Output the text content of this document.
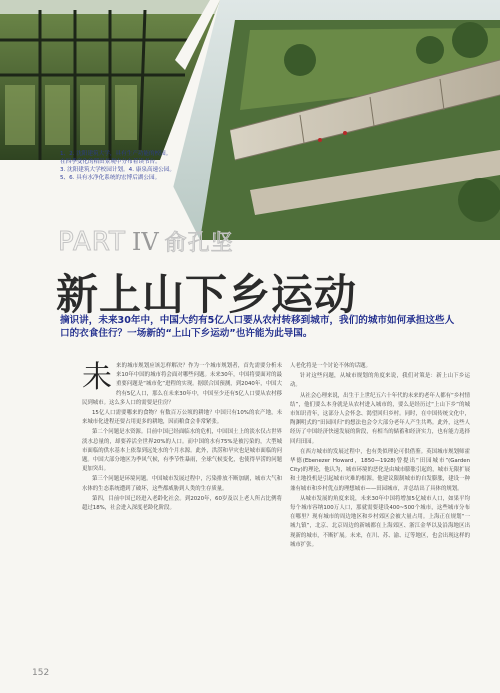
1、2. 沈阳建筑大学，具有生产功能的校园。
在四季变化的稻田景观中分布着读书台。
3. 沈阳建筑大学校园计划。4. 康泉高速公园。
5、6. 具有水净化系统的宏博后湖公园。
PART IV 俞孔坚
新上山下乡运动
摘识讲，未来30年中，中国大约有5亿人口要从农村转移到城市，我们的城市如何承担这些人口的衣食住行？一场新的“上山下乡运动”也许能为此导国。
未 来的城市规划应该怎样解决？作为一个城市规划者，首先需要分析未来10年中国的城市将会面对哪些问题。未来30年，中国将要面对的最重要问题是“城市化”进程的实现。据联合国预测，到2040年，中国大约有5亿人口，那么在未来30年中，中国至少还有5亿人口要从农村移民到城市。这么多人口的需要是住房？

15亿人口需要哪来的食物？有数百万公顷的耕地？中国只有10%的农产地，未来城市化进程还要占用更多的耕地，因而粮食会非常紧张。

第二个问题是水资源。目前中国已经面临水的危机，中国国土上的淡水仅占世界淡水总量的，却要养活全世界20%的人口。而中国的水有75%是被污染的，大型城市面临的供水基本上依靠到远处水的个月水源。此外，洪涝和旱灾也是城市面临的问题。中国大部分地区为季风气候，有季节性暴雨，全球气候变化，也使得旱涝的问题更加突出。

第三个问题是环境问题。中国城市发展过程中，污染排放不断加剧，城市大气和水体的生态系统遭到了破坏，这些都威胁到人类的生存质量。

第四，目前中国已经进入老龄化社会。到2020年，60岁及以上老人所占比例将超过18%，社会进入深度老龄化阶段。

人老化将是一个讨论不休的话题。

针对这些问题，从城市规划的角度来说，我们对策是：新上山下乡运动。

从社会心理来说，出生于上世纪五六十年代的未来的老年人都有“乡村情结”，他们要么本身就是从农村进入城市的，要么是经历过“上山下乡”的城市知识青年，这部分人会怀念、渴望回归乡村。同时，在中国传统文化中，陶渊明式的“田园回归”的想法也会令大部分老年人产生共鸣。此外，这些人经历了中国经济快速发展的阶段，有相当的储蓄和经济实力，也有能力选择回归田园。

在西方城市的发展过程中，也有类似理论可供借鉴。英国城市规划师霍华德(Ebenezer Howard，1850—1928)曾提出“田园城市”(Garden City)的理论，他认为，城市环境的恶化是由城市膨胀引起的，城市无限扩展和土地投机是引起城市灾难的根源。他建议限制城市的自发膨胀，建设一种兼有城市和乡村优点的理想城市——田园城市，并总结出了具体的规划。

从城市发展的角度来说，未来30年中国将增加5亿城市人口，如果平均每个城市容纳100万人口，那就需要建设400~500个城市，这些城市分布在哪里？现有城市的周边地区和乡村郊区会被大量占用。上海正在规划“一城九镇”，北京、北京周边的新城都在上海郊区、浙江金华以及沿海地区出现新的城市，不断扩展。未来，在川、苏、渝、辽等地区，也会出现这样的城市扩张。

152
